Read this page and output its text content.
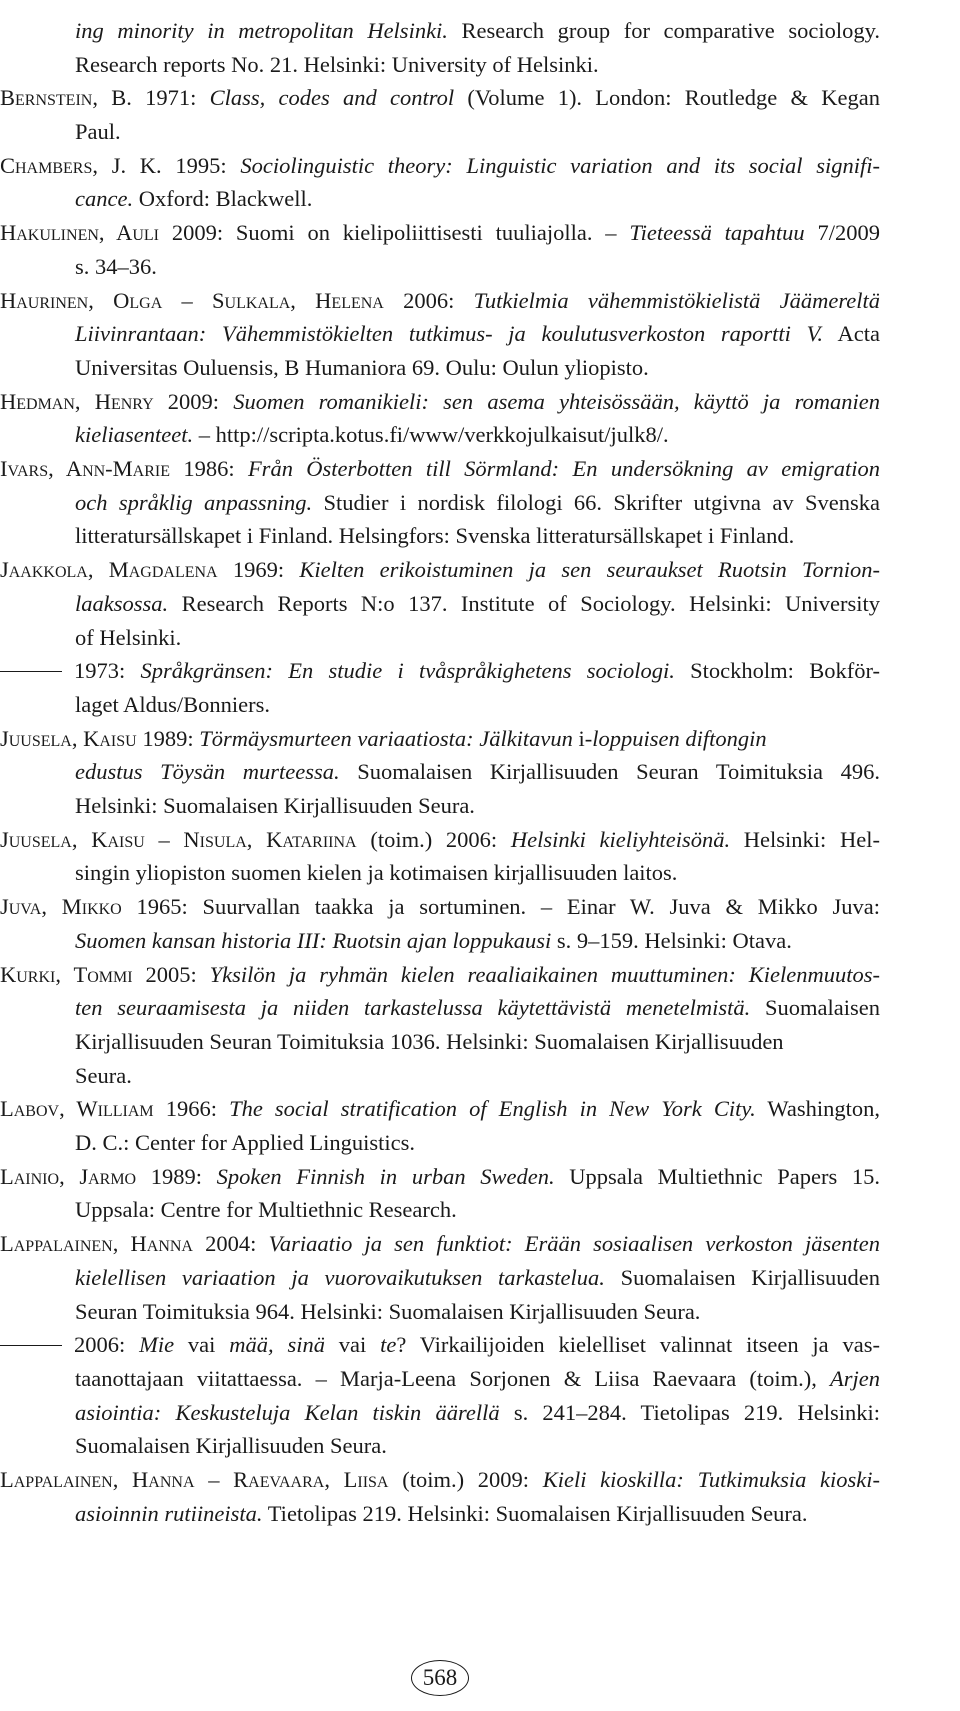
ing minority in metropolitan Helsinki. Research group for comparative sociology.
Research reports No. 21. Helsinki: University of Helsinki.
Bernstein, B. 1971: Class, codes and control (Volume 1). London: Routledge & Kegan
Paul.
Chambers, J. K. 1995: Sociolinguistic theory: Linguistic variation and its social signifi-
cance. Oxford: Blackwell.
Hakulinen, Auli 2009: Suomi on kielipoliittisesti tuuliajolla. – Tieteessä tapahtuu 7/2009
s. 34–36.
Haurinen, Olga – Sulkala, Helena 2006: Tutkielmia vähemmistökielistä Jäämereltä
Liivinrantaan: Vähemmistökielten tutkimus- ja koulutusverkoston raportti V. Acta
Universitas Ouluensis, B Humaniora 69. Oulu: Oulun yliopisto.
Hedman, Henry 2009: Suomen romanikieli: sen asema yhteisössään, käyttö ja romanien
kieliasenteet. – http://scripta.kotus.fi/www/verkkojulkaisut/julk8/.
Ivars, Ann-Marie 1986: Från Österbotten till Sörmland: En undersökning av emigration
och språklig anpassning. Studier i nordisk filologi 66. Skrifter utgivna av Svenska
litteratursällskapet i Finland. Helsingfors: Svenska litteratursällskapet i Finland.
Jaakkola, Magdalena 1969: Kielten erikoistuminen ja sen seuraukset Ruotsin Tornion-
laaksossa. Research Reports N:o 137. Institute of Sociology. Helsinki: University
of Helsinki.
1973: Språkgränsen: En studie i tvåspråkighetens sociologi. Stockholm: Bokför-
laget Aldus/Bonniers.
Juusela, Kaisu 1989: Törmäysmurteen variaatiosta: Jälkitavun i-loppuisen diftongin
edustus Töysän murteessa. Suomalaisen Kirjallisuuden Seuran Toimituksia 496.
Helsinki: Suomalaisen Kirjallisuuden Seura.
Juusela, Kaisu – Nisula, Katariina (toim.) 2006: Helsinki kieliyhteisönä. Helsinki: Hel-
singin yliopiston suomen kielen ja kotimaisen kirjallisuuden laitos.
Juva, Mikko 1965: Suurvallan taakka ja sortuminen. – Einar W. Juva & Mikko Juva:
Suomen kansan historia III: Ruotsin ajan loppukausi s. 9–159. Helsinki: Otava.
Kurki, Tommi 2005: Yksilön ja ryhmän kielen reaaliaikainen muuttuminen: Kielenmuutos-
ten seuraamisesta ja niiden tarkastelussa käytettävistä menetelmistä. Suomalaisen
Kirjallisuuden Seuran Toimituksia 1036. Helsinki: Suomalaisen Kirjallisuuden
Seura.
Labov, William 1966: The social stratification of English in New York City. Washington,
D. C.: Center for Applied Linguistics.
Lainio, Jarmo 1989: Spoken Finnish in urban Sweden. Uppsala Multiethnic Papers 15.
Uppsala: Centre for Multiethnic Research.
Lappalainen, Hanna 2004: Variaatio ja sen funktiot: Erään sosiaalisen verkoston jäsenten
kielellisen variaation ja vuorovaikutuksen tarkastelua. Suomalaisen Kirjallisuuden
Seuran Toimituksia 964. Helsinki: Suomalaisen Kirjallisuuden Seura.
2006: Mie vai mää, sinä vai te? Virkailijoiden kielelliset valinnat itseen ja vas-
taanottajaan viitattaessa. – Marja-Leena Sorjonen & Liisa Raevaara (toim.), Arjen
asiointia: Keskusteluja Kelan tiskin äärellä s. 241–284. Tietolipas 219. Helsinki:
Suomalaisen Kirjallisuuden Seura.
Lappalainen, Hanna – Raevaara, Liisa (toim.) 2009: Kieli kioskilla: Tutkimuksia kioski-
asioinnin rutiineista. Tietolipas 219. Helsinki: Suomalaisen Kirjallisuuden Seura.
568
